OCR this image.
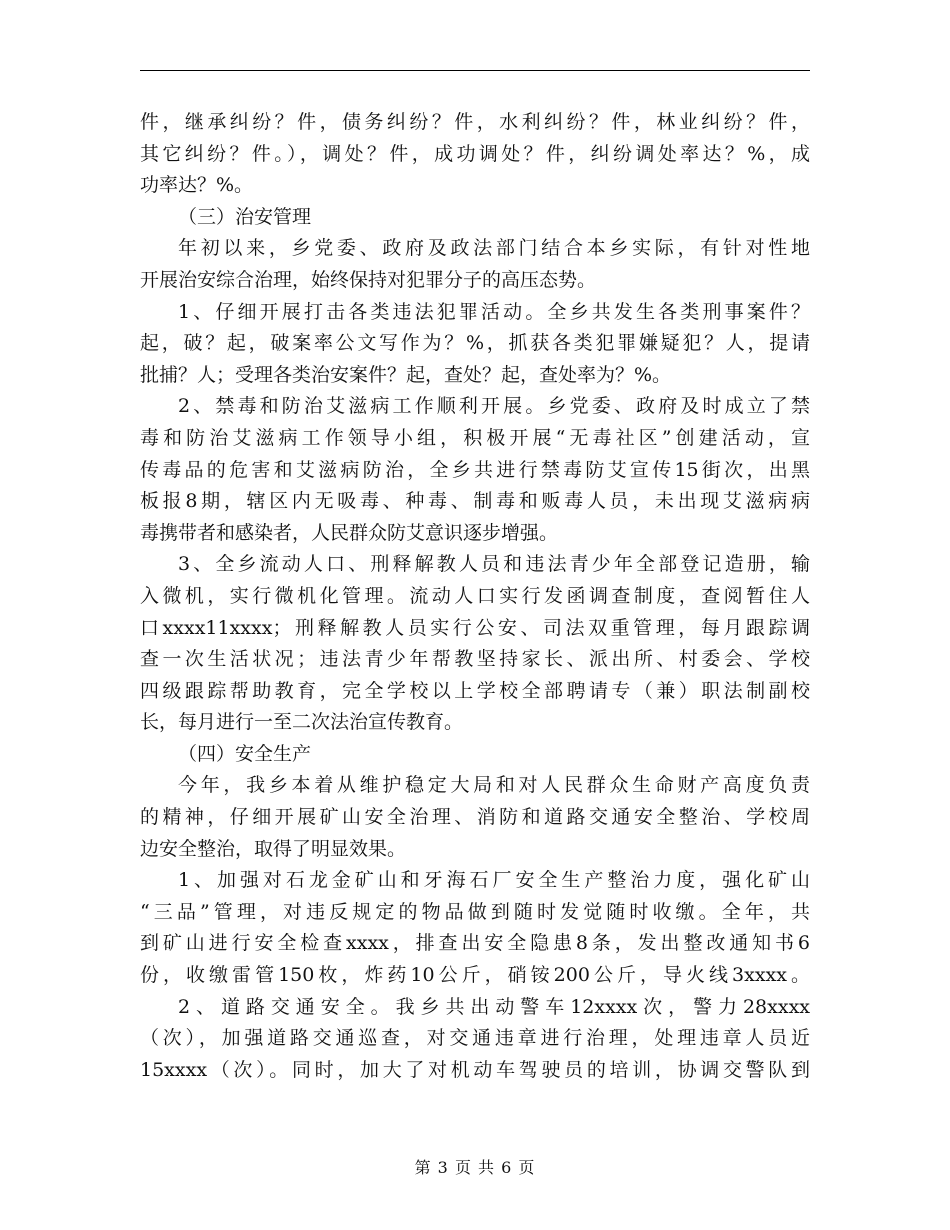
件，继承纠纷？件，债务纠纷？件，水利纠纷？件，林业纠纷？件，
其它纠纷？件。），调处？件，成功调处？件，纠纷调处率达？%，成
功率达？%。
（三）治安管理
年初以来，乡党委、政府及政法部门结合本乡实际，有针对性地
开展治安综合治理，始终保持对犯罪分子的高压态势。
1、仔细开展打击各类违法犯罪活动。全乡共发生各类刑事案件？
起，破？起，破案率公文写作为？%，抓获各类犯罪嫌疑犯？人，提请
批捕？人；受理各类治安案件？起，查处？起，查处率为？%。
2、禁毒和防治艾滋病工作顺利开展。乡党委、政府及时成立了禁
毒和防治艾滋病工作领导小组，积极开展“无毒社区”创建活动，宣
传毒品的危害和艾滋病防治，全乡共进行禁毒防艾宣传15街次，出黑
板报8期，辖区内无吸毒、种毒、制毒和贩毒人员，未出现艾滋病病
毒携带者和感染者，人民群众防艾意识逐步增强。
3、全乡流动人口、刑释解教人员和违法青少年全部登记造册，输
入微机，实行微机化管理。流动人口实行发函调查制度，查阅暂住人
口xxxx11xxxx；刑释解教人员实行公安、司法双重管理，每月跟踪调
查一次生活状况；违法青少年帮教坚持家长、派出所、村委会、学校
四级跟踪帮助教育，完全学校以上学校全部聘请专（兼）职法制副校
长，每月进行一至二次法治宣传教育。
（四）安全生产
今年，我乡本着从维护稳定大局和对人民群众生命财产高度负责
的精神，仔细开展矿山安全治理、消防和道路交通安全整治、学校周
边安全整治，取得了明显效果。
1、加强对石龙金矿山和牙海石厂安全生产整治力度，强化矿山
“三品”管理，对违反规定的物品做到随时发觉随时收缴。全年，共
到矿山进行安全检查xxxx，排查出安全隐患8条，发出整改通知书6
份，收缴雷管150枚，炸药10公斤，硝铵200公斤，导火线3xxxx。
2、道路交通安全。我乡共出动警车12xxxx次，警力28xxxx
（次），加强道路交通巡查，对交通违章进行治理，处理违章人员近
15xxxx（次）。同时，加大了对机动车驾驶员的培训，协调交警队到
第 3 页 共 6 页
